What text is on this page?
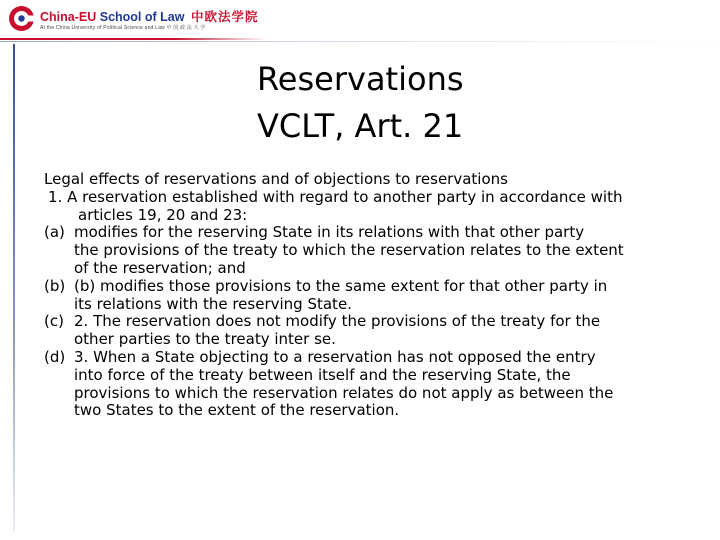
China-EU School of Law 中欧法学院
At the China University of Political Science and Law 中 国 政 法 大 学
Reservations
VCLT, Art. 21
Legal effects of reservations and of objections to reservations
1. A reservation established with regard to another party in accordance with
articles 19, 20 and 23:
(a) modifies for the reserving State in its relations with that other party
the provisions of the treaty to which the reservation relates to the extent
of the reservation; and
(b) (b) modifies those provisions to the same extent for that other party in
its relations with the reserving State.
(c) 2. The reservation does not modify the provisions of the treaty for the
other parties to the treaty inter se.
(d) 3. When a State objecting to a reservation has not opposed the entry
into force of the treaty between itself and the reserving State, the
provisions to which the reservation relates do not apply as between the
two States to the extent of the reservation.
